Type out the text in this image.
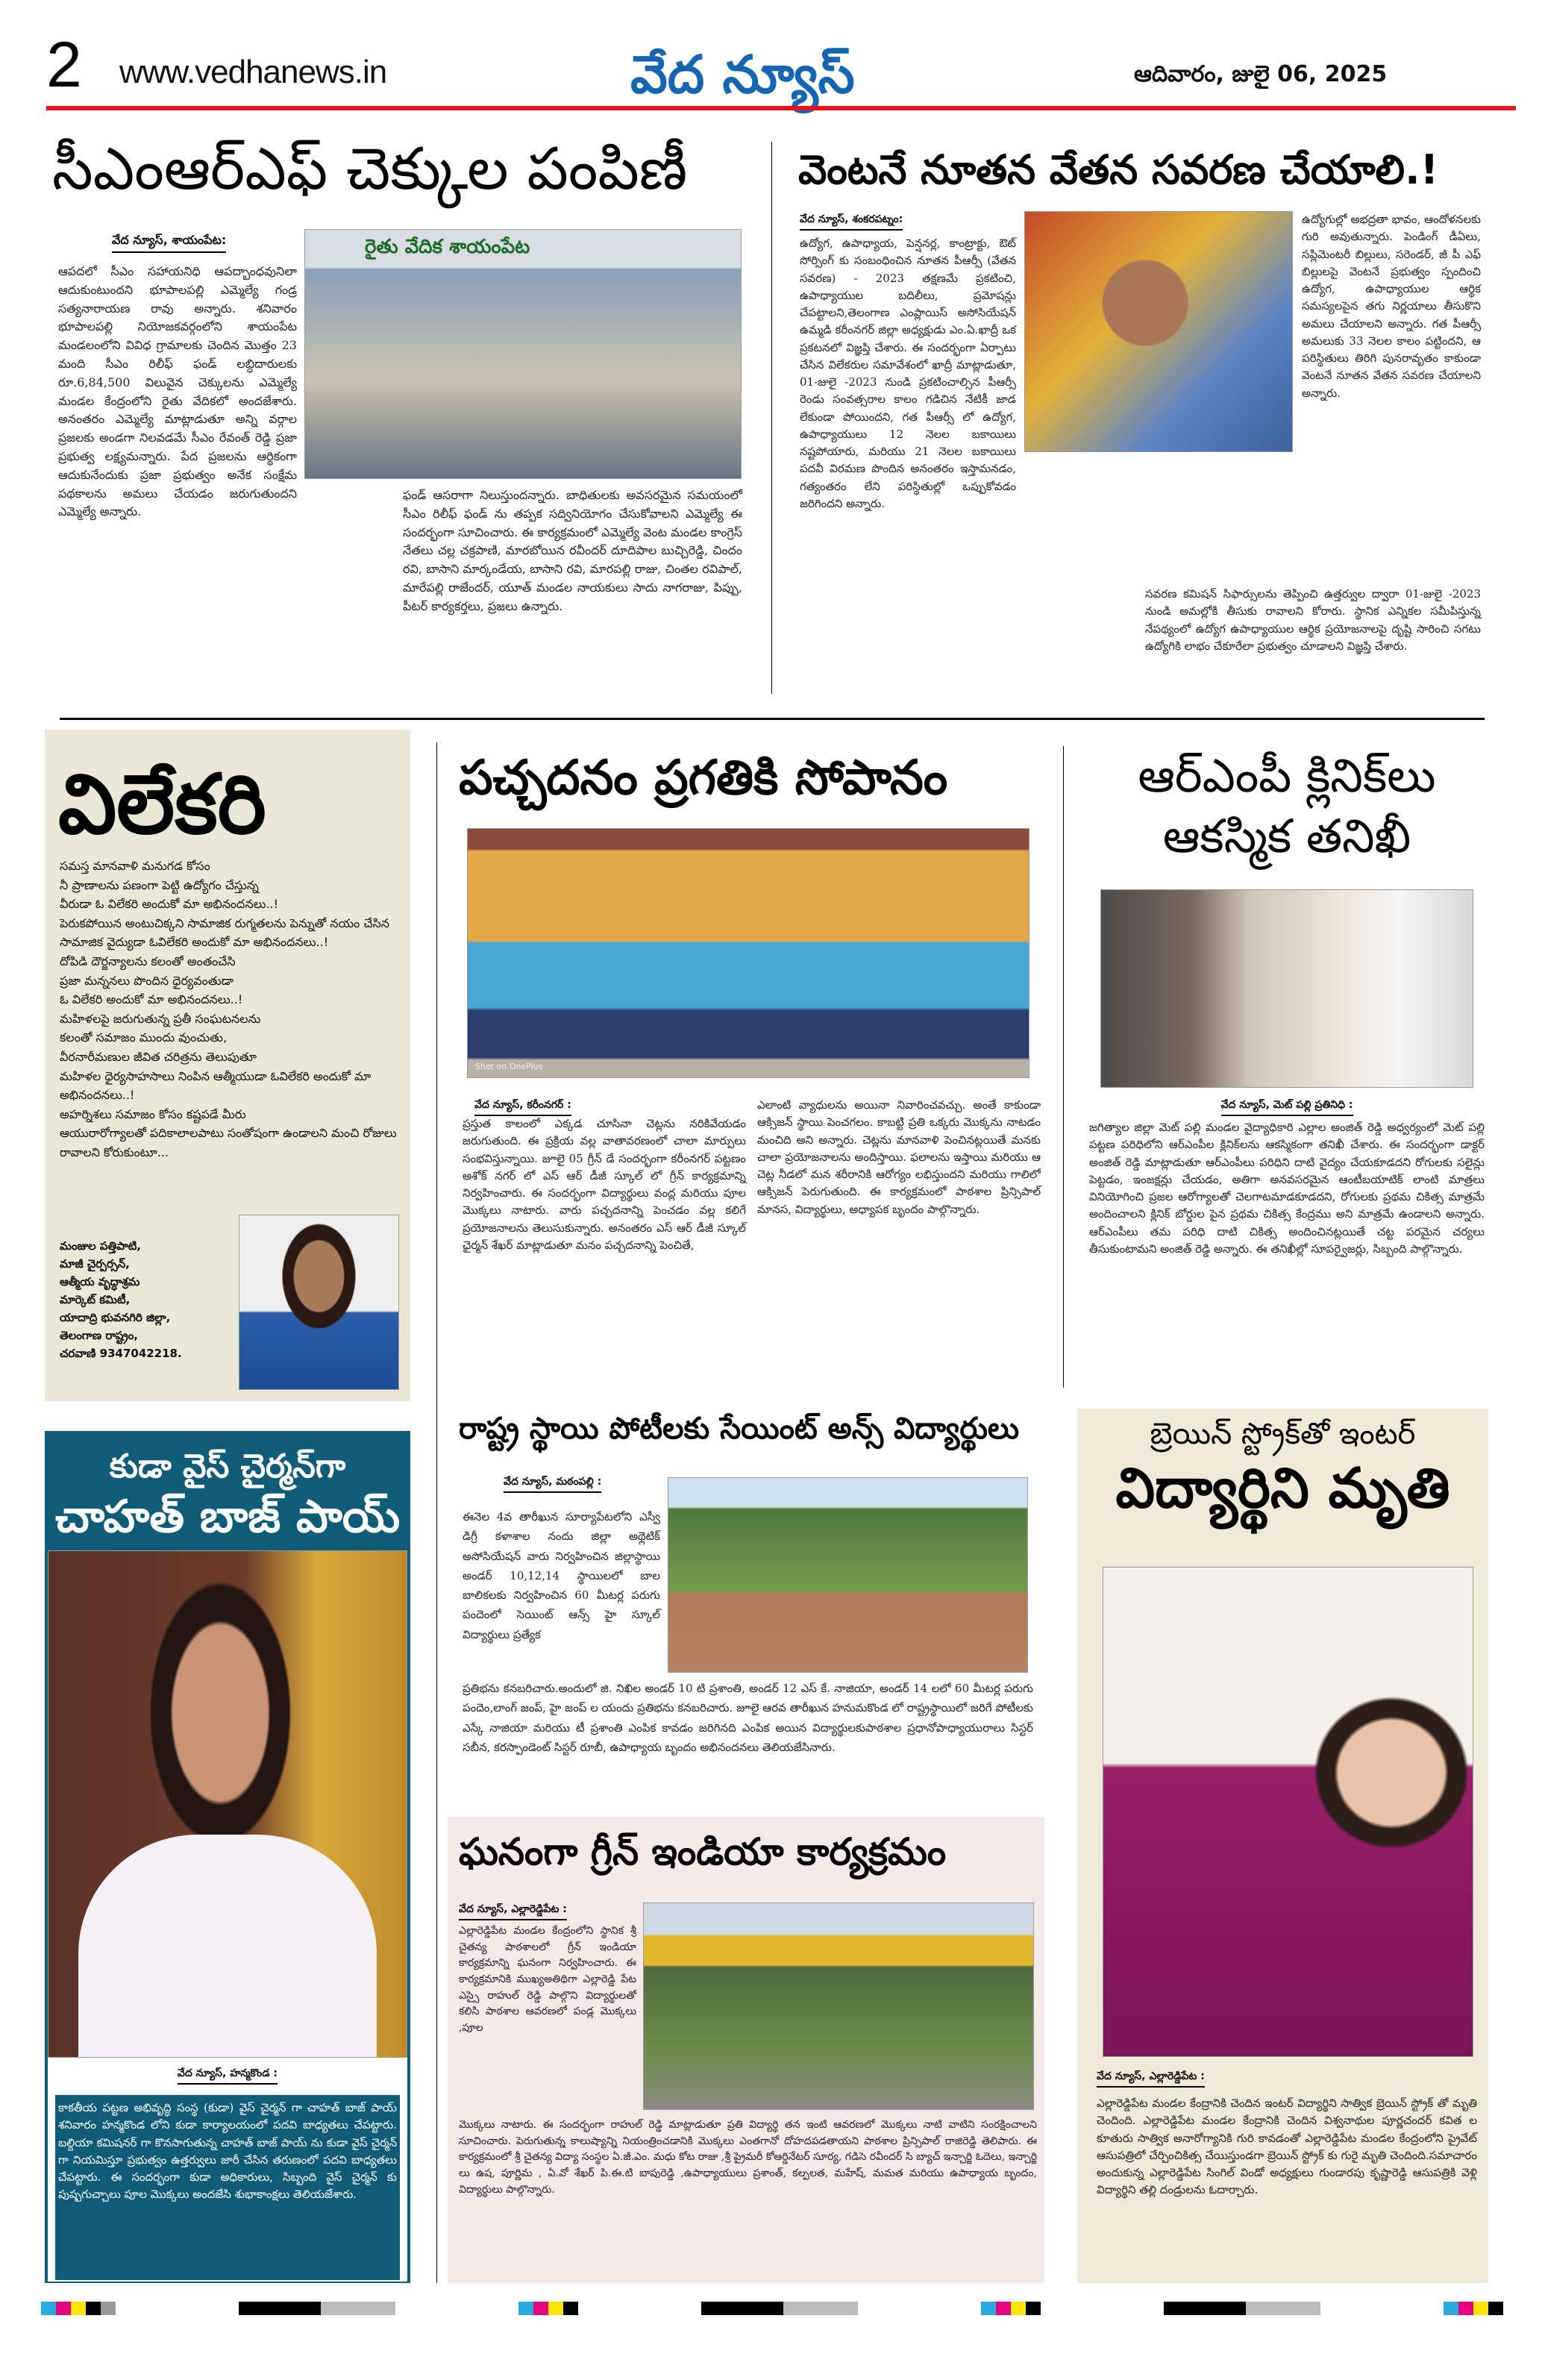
2 www.vedhanews.in	వేద న్యూస్	ఆదివారం, జులై 06, 2025
సీఎంఆర్ఎఫ్ చెక్కుల పంపిణీ
వేద న్యూస్, శాయంపేట:	రైతు వేదిక శాయంపేట
ఆపదలో సీఎం సహాయనిధి ఆపద్బాంధవునిలా ఆదుకుంటుందని భూపాలపల్లి ఎమ్మెల్యే గండ్ర సత్యనారాయణ రావు అన్నారు. శనివారం భూపాలపల్లి నియోజకవర్గంలోని శాయంపేట మండలంలోని వివిధ గ్రామాలకు చెందిన మొత్తం 23 మంది సీఎం రిలీఫ్ ఫండ్ లబ్ధిదారులకు రూ.6,84,500 విలువైన చెక్కులను ఎమ్మెల్యే మండల కేంద్రంలోని రైతు వేదికలో అందజేశారు. అనంతరం ఎమ్మెల్యే మాట్లాడుతూ అన్ని వర్గాల ప్రజలకు అండగా నిలవడమే సీఎం రేవంత్ రెడ్డి ప్రజా ప్రభుత్వ లక్ష్యమన్నారు. పేద ప్రజలను ఆర్థికంగా ఆదుకునేందుకు ప్రజా ప్రభుత్వం అనేక సంక్షేమ పథకాలను అమలు చేయడం జరుగుతుందని ఎమ్మెల్యే అన్నారు.
ఫండ్ ఆసరాగా నిలుస్తుందన్నారు. బాధితులకు అవసరమైన సమయంలో సీఎం రిలీఫ్ ఫండ్ ను తప్పక సద్వినియోగం చేసుకోవాలని ఎమ్మెల్యే ఈ సందర్భంగా సూచించారు. ఈ కార్యక్రమంలో ఎమ్మెల్యే వెంట మండల కాంగ్రెస్ నేతలు చల్ల చక్రపాణి, మారబోయిన రవీందర్ దూదిపాల బుచ్చిరెడ్డి, చిందం రవి, బాసాని మార్కండేయ, బాసాని రవి, మారపల్లి రాజు, చింతల రవిపాల్, మారేపల్లి రాజేందర్, యూత్ మండల నాయకులు సాదు నాగరాజు, పిప్పు, పీటర్ కార్యకర్తలు, ప్రజలు ఉన్నారు.
వెంటనే నూతన వేతన సవరణ చేయాలి.!
వేద న్యూస్, శంకరపట్నం:
ఉద్యోగ, ఉపాధ్యాయ, పెన్షనర్ల, కాంట్రాక్టు, ఔట్ సోర్సింగ్ కు సంబంధించిన నూతన పీఆర్సీ (వేతన సవరణ) - 2023 తక్షణమే ప్రకటించి, ఉపాధ్యాయుల బదిలీలు, ప్రమోషన్లు చేపట్టాలని,తెలంగాణ ఎంప్లాయిస్ అసోసియేషన్ ఉమ్మడి కరీంనగర్ జిల్లా అధ్యక్షుడు ఎం.ఏ.ఖాద్రీ ఒక ప్రకటనలో విజ్ఞప్తి చేశారు. ఈ సందర్భంగా ఏర్పాటు చేసిన విలేకరుల సమావేశంలో ఖాద్రీ మాట్లాడుతూ, 01-జులై -2023 నుండి ప్రకటించాల్సిన పీఆర్సీ రెండు సంవత్సరాల కాలం గడిచిన నేటికీ జాడ లేకుండా పోయిందని, గత పీఆర్సీ లో ఉద్యోగ, ఉపాధ్యాయులు 12 నెలల బకాయిలు నష్టపోయారు, మరియు 21 నెలల బకాయిలు పదవీ విరమణ పొందిన అనంతరం ఇస్తామనడం, గత్యంతరం లేని పరిస్థితుల్లో ఒప్పుకోవడం జరిగిందని అన్నారు.
ఉద్యోగుల్లో అభద్రతా భావం, ఆందోళనలకు గురి అవుతున్నారు. పెండింగ్ డీఏలు, సప్లిమెంటరీ బిల్లులు, సరెండర్, జీ పీ ఎఫ్ బిల్లులపై వెంటనే ప్రభుత్వం స్పందించి ఉద్యోగ, ఉపాధ్యాయుల ఆర్థిక సమస్యలపైన తగు నిర్ణయాలు తీసుకొని అమలు చేయాలని అన్నారు. గత పీఆర్సీ అమలుకు 33 నెలల కాలం పట్టిందని, ఆ పరిస్థితులు తిరిగి పునరావృతం కాకుండా వెంటనే నూతన వేతన సవరణ చేయాలని అన్నారు.
సవరణ కమిషన్ సిఫార్సులను తెప్పించి ఉత్తర్వుల ద్వారా 01-జులై -2023 నుండి అమల్లోకి తీసుకు రావాలని కోరారు. స్థానిక ఎన్నికల సమీపిస్తున్న నేపథ్యంలో ఉద్యోగ ఉపాధ్యాయుల ఆర్థిక ప్రయోజనాలపై దృష్టి సారించి సగటు ఉద్యోగికి లాభం చేకూరేలా ప్రభుత్వం చూడాలని విజ్ఞప్తి చేశారు.
విలేకరి
సమస్త మానవాళి మనుగడ కోసం
నీ ప్రాణాలను పణంగా పెట్టి ఉద్యోగం చేస్తున్న
వీరుడా ఓ విలేకరి అందుకో మా అభినందనలు..!
పెరుకపోయిన అంటుచిక్కని సామాజిక రుగ్మతలను పెన్నుతో నయం చేసిన సామాజిక వైద్యుడా ఓవిలేకరి అందుకో మా అభినందనలు..!
దోపిడి దౌర్జన్యాలను కలంతో అంతంచేసి
ప్రజా మన్ననలు పొందిన ధైర్యవంతుడా
ఓ విలేకరి అందుకో మా అభినందనలు..!
మహిళలపై జరుగుతున్న ప్రతీ సంఘటనలను
కలంతో సమాజం ముందు వుంచుతు,
వీరనారీమణుల జీవిత చరిత్రను తెలుపుతూ
మహిళల ధైర్యసాహసాలు నింపిన ఆత్మీయుడా ఓవిలేకరి అందుకో మా అభినందనలు..!
అహర్నిశలు సమాజం కోసం కష్టపడే మీరు
ఆయురారోగ్యాలతో పదికాలాలపాటు సంతోషంగా ఉండాలని మంచి రోజులు
రావాలని కోరుకుంటూ...
మంజుల పత్తిపాటి,
మాజీ చైర్పర్సన్,
ఆత్మీయ వృద్ధాశ్రమ
మార్కెట్ కమిటీ,
యాదాద్రి భువనగిరి జిల్లా,
తెలంగాణ రాష్ట్రం,
చరవాణి 9347042218.
కుడా వైస్ చైర్మన్‌గా
చాహత్ బాజ్ పాయ్
వేద న్యూస్, హన్మకొండ :
కాకతీయ పట్టణ అభివృద్ధి సంస్థ (కుడా) వైస్ చైర్మన్ గా చాహత్ బాజ్ పాయ్ శనివారం హన్మకొండ లోని కుడా కార్యాలయంలో పదవి బాధ్యతలు చేపట్టారు. బల్దియా కమిషనర్ గా కొనసాగుతున్న చాహత్ బాజ్ పాయ్ ను కుడా వైస్ చైర్మన్ గా నియమిస్తూ ప్రభుత్వం ఉత్తర్వులు జారీ చేసిన తరుణంలో పదవి బాధ్యతలు చేపట్టారు. ఈ సందర్భంగా కుడా అధికారులు, సిబ్బంది వైస్ చైర్మన్ కు పుష్పగుచ్చాలు పూల మొక్కలు అందజేసి శుభాకాంక్షలు తెలియజేశారు.
పచ్చదనం ప్రగతికి సోపానం
Shot on OnePlus
వేద న్యూస్, కరీంనగర్ :
ప్రస్తుత కాలంలో ఎక్కడ చూసినా చెట్లను నరికివేయడం జరుగుతుంది. ఈ ప్రక్రియ వల్ల వాతావరణంలో చాలా మార్పులు సంభవిస్తున్నాయి. జూలై 05 గ్రీన్ డే సందర్భంగా కరీంనగర్ పట్టణం అశోక్ నగర్ లో ఎస్ ఆర్ డీజీ స్కూల్ లో గ్రీన్ కార్యక్రమాన్ని నిర్వహించారు. ఈ సందర్భంగా విద్యార్థులు వంద్ల మరియు పూల మొక్కలు నాటారు. వారు పచ్చదనాన్ని పెంచడం వల్ల కలిగే ప్రయోజనాలను తెలుసుకున్నారు. అనంతరం ఎస్ ఆర్ డీజీ స్కూల్ ఛైర్మన్ శేఖర్ మాట్లాడుతూ మనం పచ్చదనాన్ని పెంచితే,
ఎలాంటి వ్యాధులను అయినా నివారించవచ్చు. అంతే కాకుండా ఆక్సిజన్ స్థాయి పెంచగలం. కాబట్టి ప్రతి ఒక్కరు మొక్కను నాటడం మంచిది అని అన్నారు. చెట్లను మానవాళి పెంచినట్లయితే మనకు చాలా ప్రయోజనాలను అందిస్తాయి. ఫలాలను ఇస్తాయి మరియు ఆ చెట్ల నీడలో మన శరీరానికి ఆరోగ్యం లభిస్తుందని మరియు గాలిలో ఆక్సిజన్ పెరుగుతుంది. ఈ కార్యక్రమంలో పాఠశాల ప్రిన్సిపాల్ మానస, విద్యార్థులు, అధ్యాపక బృందం పాల్గొన్నారు.
ఆర్ఎంపీ క్లినిక్‌లు ఆకస్మిక తనిఖీ
వేద న్యూస్, మెట్ పల్లి ప్రతినిధి :
జగిత్యాల జిల్లా మెట్ పల్లి మండల వైద్యాధికారి ఎల్లాల అంజిత్ రెడ్డి అధ్వర్యంలో మెట్ పల్లి పట్టణ పరిధిలోని ఆర్ఎంపీల క్లినిక్‌లను ఆకస్మికంగా తనిఖీ చేశారు. ఈ సందర్భంగా డాక్టర్ అంజిత్ రెడ్డి మాట్లాడుతూ ఆర్ఎంపీలు పరిధిని దాటి వైద్యం చేయకూడదని రోగులకు సలైన్లు పెట్టడం, ఇంజక్షన్లు చేయడం, అతిగా అనవసరమైన ఆంటీబయాటిక్ లాంటి మాత్రలు వినియోగించి ప్రజల ఆరోగ్యాలతో చెలగాటమాడకూడదని, రోగులకు ప్రథమ చికిత్స మాత్రమే అందించాలని క్లినిక్ బోర్డుల పైన ప్రథమ చికిత్స కేంద్రము అని మాత్రమే ఉండాలని అన్నారు. ఆర్ఎంపీలు తమ పరిధి దాటి చికిత్స అందించినట్లయితే చట్ట పరమైన చర్యలు తీసుకుంటామని అంజిత్ రెడ్డి అన్నారు. ఈ తనిఖీల్లో సూపర్వైజర్లు, సిబ్బంది పాల్గొన్నారు.
రాష్ట్ర స్థాయి పోటీలకు సేయింట్ అన్స్ విద్యార్థులు
వేద న్యూస్, మఠంపల్లి :
ఈనెల 4వ తారీఖున సూర్యాపేటలోని ఎస్వీ డిగ్రీ కళాశాల నందు జిల్లా అథ్లెటిక్ అసోసియేషన్ వారు నిర్వహించిన జిల్లాస్థాయి అండర్ 10,12,14 స్థాయిలలో బాల బాలికలకు నిర్వహించిన 60 మీటర్ల పరుగు పందెంలో సెయింట్ ఆన్స్ హై స్కూల్ విద్యార్థులు ప్రత్యేక
ప్రతిభను కనబరిచారు.అందులో జి. నిఖిల అండర్ 10 టి ప్రశాంతి, అండర్ 12 ఎస్ కే. నాజియా, అండర్ 14 లలో 60 మీటర్ల పరుగు పందెం,లాంగ్ జంప్, హై జంప్ ల యందు ప్రతిభను కనబరిచారు. జూలై ఆరవ తారీఖున హనుమకొండ లో రాష్ట్రస్థాయిలో జరిగే పోటీలకు ఎస్కే నాజియా మరియు టీ ప్రశాంతి ఎంపిక కావడం జరిగినది ఎంపిక అయిన విద్యార్థులకుపాఠశాల ప్రధానోపాధ్యాయురాలు సిస్టర్ సబీన, కరస్పాండెంట్ సిస్టర్ రూబీ, ఉపాధ్యాయ బృందం అభినందనలు తెలియజేసినారు.
ఘనంగా గ్రీన్ ఇండియా కార్యక్రమం
వేద న్యూస్, ఎల్లారెడ్డిపేట :
ఎల్లారెడ్డిపేట మండల కేంద్రంలోని స్థానిక శ్రీ చైతన్య పాఠశాలలో గ్రీన్ ఇండియా కార్యక్రమాన్ని ఘనంగా నిర్వహించారు. ఈ కార్యక్రమానికి ముఖ్యఅతిథిగా ఎల్లారెడ్డి పేట ఎస్సై రాహుల్ రెడ్డి పాల్గొని విద్యార్థులతో కలిసి పాఠశాల ఆవరణలో పండ్ల మొక్కలు ,పూల
మొక్కలు నాటారు. ఈ సందర్భంగా రాహుల్ రెడ్డి మాట్లాడుతూ ప్రతి విద్యార్థి తన ఇంటి ఆవరణలో మొక్కలు నాటి వాటిని సంరక్షించాలని సూచించారు. పెరుగుతున్న కాలుష్యాన్ని నియంత్రించడానికి మొక్కలు ఎంతగానో దోహదపడతాయని పాఠశాల ప్రిన్సిపాల్ రాజిరెడ్డి తెలిపారు. ఈ కార్యక్రమంలో శ్రీ చైతన్య విద్యా సంస్థల ఏ.జీ.ఎం. మధు కోట రాజు ,శ్రీ ప్రైమరీ కోఆర్డినేటర్ సూర్య, గడిసె రవీందర్ సి బ్యాచ్ ఇన్చార్జి ఓదెలు, ఇన్చార్జి లు ఉష, పూర్ణిమ , ఏ.వో శేఖర్ పి.ఈ.టి బాపురెడ్డి ,ఉపాధ్యాయులు ప్రశాంత్, కల్పలత, మహేష్, మమత మరియు ఉపాధ్యాయ బృందం, విద్యార్థులు పాల్గొన్నారు.
బ్రెయిన్ స్ట్రోక్‌తో ఇంటర్
విద్యార్థిని మృతి
వేద న్యూస్, ఎల్లారెడ్డిపేట :
ఎల్లారెడ్డిపేట మండల కేంద్రానికి చెందిన ఇంటర్ విద్యార్థిని సాత్విక బ్రెయిన్ స్ట్రోక్ తో మృతి చెందింది. ఎల్లారెడ్డిపేట మండల కేంద్రానికి చెందిన విశ్వనాథుల పూర్ణచందర్ కవిత ల కూతురు సాత్విక అనారోగ్యానికి గురి కావడంతో ఎల్లారెడ్డిపేట మండల కేంద్రంలోని ప్రైవేట్ ఆసుపత్రిలో చేర్పించికిత్స చేయిస్తుండగా బ్రెయిన్ స్ట్రోక్ కు గురై మృతి చెందింది.సమాచారం అందుకున్న ఎల్లారెడ్డిపేట సింగిల్ విండో అధ్యక్షులు గుండారపు కృష్ణారెడ్డి ఆసుపత్రికి వెళ్లి విద్యార్థిని తల్లి దండ్రులను ఓదార్చారు.
